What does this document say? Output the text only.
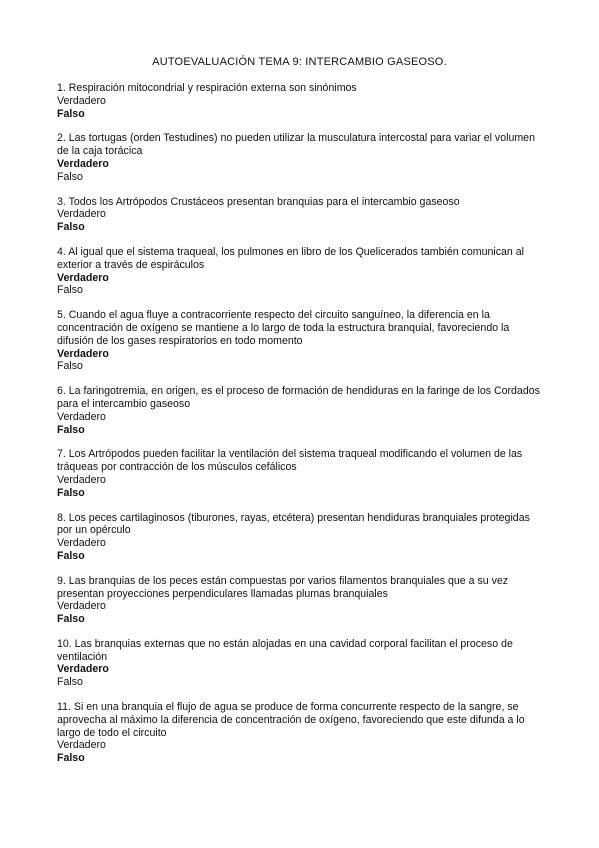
AUTOEVALUACIÓN TEMA 9: INTERCAMBIO GASEOSO.

1. Respiración mitocondrial y respiración externa son sinónimos

Verdadero

Falso

2. Las tortugas (orden Testudines) no pueden utilizar la musculatura intercostal para variar el volumen de la caja torácica

Verdadero

Falso

3. Todos los Artrópodos Crustáceos presentan branquias para el intercambio gaseoso

Verdadero

Falso

4. Al igual que el sistema traqueal, los pulmones en libro de los Quelicerados también comunican al exterior a través de espiráculos

Verdadero

Falso

5. Cuando el agua fluye a contracorriente respecto del circuito sanguíneo, la diferencia en la concentración de oxígeno se mantiene a lo largo de toda la estructura branquial, favoreciendo la difusión de los gases respiratorios en todo momento

Verdadero

Falso

6. La faringotremia, en origen, es el proceso de formación de hendiduras en la faringe de los Cordados para el intercambio gaseoso

Verdadero

Falso

7. Los Artrópodos pueden facilitar la ventilación del sistema traqueal modificando el volumen de las tráqueas por contracción de los músculos cefálicos

Verdadero

Falso

8. Los peces cartilaginosos (tiburones, rayas, etcétera) presentan hendiduras branquiales protegidas por un opérculo

Verdadero

Falso

9. Las branquias de los peces están compuestas por varios filamentos branquiales que a su vez presentan proyecciones perpendiculares llamadas plumas branquiales

Verdadero

Falso

10. Las branquias externas que no están alojadas en una cavidad corporal facilitan el proceso de ventilación

Verdadero

Falso

11. Si en una branquia el flujo de agua se produce de forma concurrente respecto de la sangre, se aprovecha al máximo la diferencia de concentración de oxígeno, favoreciendo que este difunda a lo largo de todo el circuito

Verdadero

Falso
